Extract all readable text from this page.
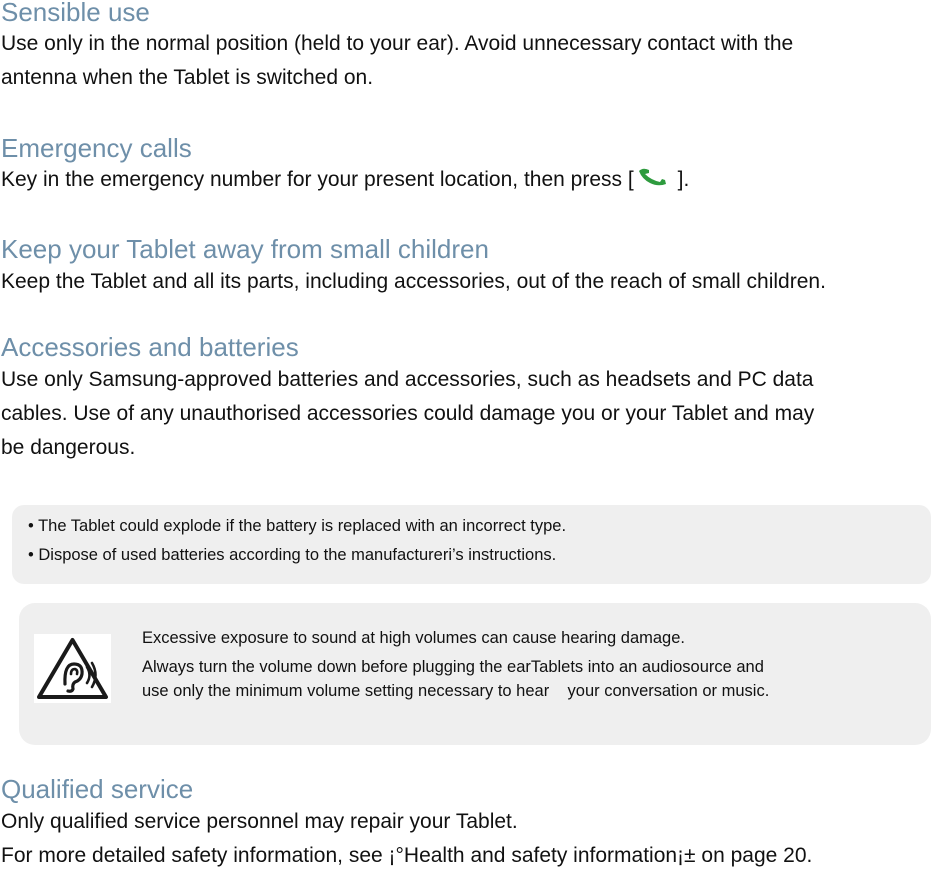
Sensible use
Use only in the normal position (held to your ear). Avoid unnecessary contact with the
antenna when the Tablet is switched on.
Emergency calls
Key in the emergency number for your present location, then press [ ].
Keep your Tablet away from small children
Keep the Tablet and all its parts, including accessories, out of the reach of small children.
Accessories and batteries
Use only Samsung-approved batteries and accessories, such as headsets and PC data
cables. Use of any unauthorised accessories could damage you or your Tablet and may
be dangerous.
• The Tablet could explode if the battery is replaced with an incorrect type.
• Dispose of used batteries according to the manufactureri’s instructions.
Excessive exposure to sound at high volumes can cause hearing damage.
Always turn the volume down before plugging the earTablets into an audiosource and
use only the minimum volume setting necessary to hear    your conversation or music.
Qualified service
Only qualified service personnel may repair your Tablet.
For more detailed safety information, see ¡°Health and safety information¡± on page 20.
